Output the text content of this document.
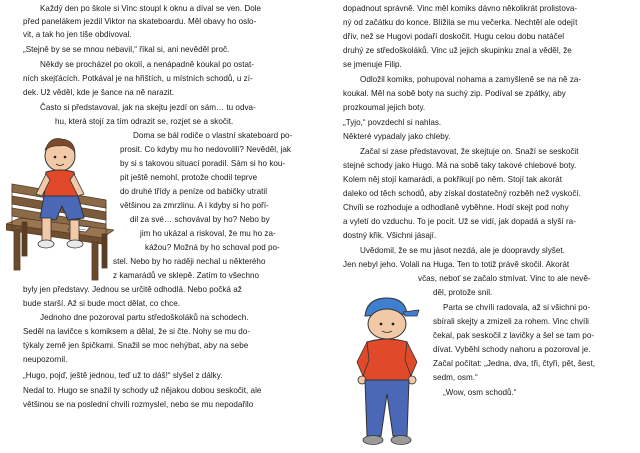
Každý den po škole si Vinc stoupl k oknu a díval se ven. Dole
před panelákem jezdil Viktor na skateboardu. Měl obavy ho oslo-
vit, a tak ho jen tiše obdivoval.
„Stejně by se se mnou nebavil,“ říkal si, ani nevěděl proč.
Někdy se procházel po okolí, a nenápadně koukal po ostat-
ních skejťácích. Potkával je na hřištích, u místních schodů, u zí-
dek. Už věděl, kde je šance na ně narazit.
Často si představoval, jak na skejtu jezdí on sám… tu odva-
hu, která stojí za tím odrazit se, rozjet se a skočit.
Doma se bál rodiče o vlastní skateboard po-
prosit. Co kdyby mu ho nedovolili? Nevěděl, jak
by si s takovou situací poradil. Sám si ho kou-
pit ještě nemohl, protože chodil teprve
do druhé třídy a peníze od babičky utratil
většinou za zmrzlinu. A i kdyby si ho poří-
dil za své… schovával by ho? Nebo by
jim ho ukázal a riskoval, že mu ho za-
kážou? Možná by ho schoval pod po-
stel. Nebo by ho raději nechal u některého
z kamarádů ve sklepě. Zatím to všechno
byly jen představy. Jednou se určitě odhodlá. Nebo počká až
bude starší. Až si bude moct dělat, co chce.
Jednoho dne pozoroval partu středoškoláků na schodech.
Seděl na lavičce s komiksem a dělal, že si čte. Nohy se mu do-
týkaly země jen špičkami. Snažil se moc nehýbat, aby na sebe
neupozornil.
„Hugo, pojď, ještě jednou, teď už to dáš!“ slyšel z dálky.
Nedal to. Hugo se snažil ty schody už nějakou dobou seskočit, ale
většinou se na poslední chvíli rozmyslel, nebo se mu nepodařilo
dopadnout správně. Vinc měl komiks dávno několikrát prolistova-
ný od začátku do konce. Blížila se mu večerka. Nechtěl ale odejít
dřív, než se Hugovi podaří doskočit. Hugu celou dobu natáčel
druhý ze středoškoláků. Vinc už jejich skupinku znal a věděl, že
se jmenuje Filip.
Odložil komiks, pohupoval nohama a zamyšleně se na ně za-
koukal. Měl na sobě boty na suchý zip. Podíval se zpátky, aby
prozkoumal jejich boty.
„Tyjo,“ povzdechl si nahlas.
Některé vypadaly jako chleby.
Začal si zase představovat, že skejtuje on. Snaží se seskočit
stejné schody jako Hugo. Má na sobě taky takové chlebové boty.
Kolem něj stojí kamarádi, a pokřikují po něm. Stojí tak akorát
daleko od těch schodů, aby získal dostatečný rozběh než vyskočí.
Chvíli se rozhoduje a odhodlaně vyběhne. Hodí skejt pod nohy
a vyletí do vzduchu. To je pocit. Už se vidí, jak dopadá a slyší ra-
dostný křik. Všichni jásají.
Uvědomil, že se mu jásot nezdá, ale je doopravdy slyšet.
Jen nebyl jeho. Volali na Huga. Ten to totiž právě skočil. Akorát
včas, neboť se začalo stmívat. Vinc to ale nevě-
děl, protože snil.
Parta se chvíli radovala, až si všichni po-
sbírali skejty a zmizeli za rohem. Vinc chvíli
čekal, pak seskočil z lavičky a šel se tam po-
dívat. Vyběhl schody nahoru a pozoroval je.
Začal počítat: „Jedna, dva, tři, čtyři, pět, šest,
sedm, osm.“
„Wow, osm schodů.“
